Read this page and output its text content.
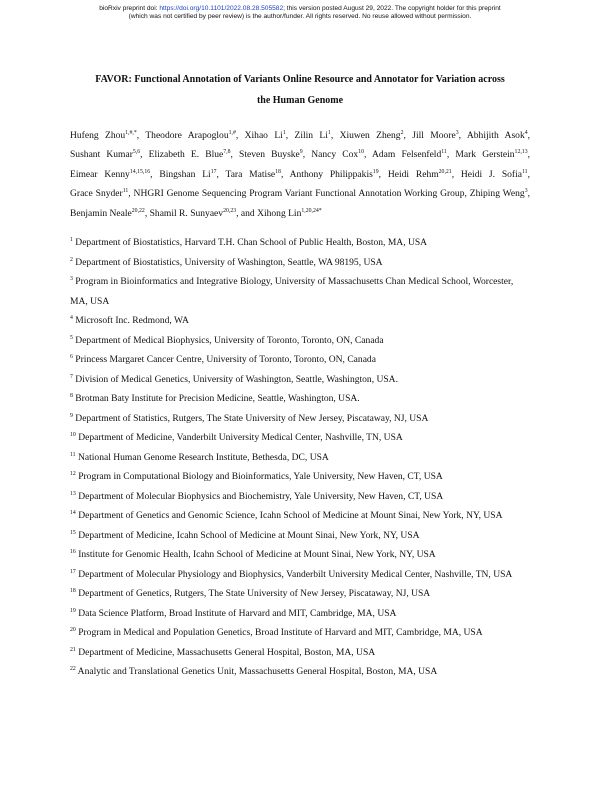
bioRxiv preprint doi: https://doi.org/10.1101/2022.08.28.505582; this version posted August 29, 2022. The copyright holder for this preprint
(which was not certified by peer review) is the author/funder. All rights reserved. No reuse allowed without permission.
FAVOR: Functional Annotation of Variants Online Resource and Annotator for Variation across
the Human Genome
Hufeng Zhou$^{1,\#,*}$, Theodore Arapoglou$^{1,\#}$, Xihao Li$^1$, Zilin Li$^1$, Xiuwen Zheng$^2$, Jill Moore$^3$, Abhijith Asok$^4$, Sushant Kumar$^{5,6}$, Elizabeth E. Blue$^{7,8}$, Steven Buyske$^9$, Nancy Cox$^{10}$, Adam Felsenfeld$^{11}$, Mark Gerstein$^{12,13}$, Eimear Kenny$^{14,15,16}$, Bingshan Li$^{17}$, Tara Matise$^{18}$, Anthony Philippakis$^{19}$, Heidi Rehm$^{20,21}$, Heidi J. Sofia$^{11}$, Grace Snyder$^{11}$, NHGRI Genome Sequencing Program Variant Functional Annotation Working Group, Zhiping Weng$^3$, Benjamin Neale$^{20,22}$, Shamil R. Sunyaev$^{20,23}$, and Xihong Lin$^{1,20,24*}$
$^1$ Department of Biostatistics, Harvard T.H. Chan School of Public Health, Boston, MA, USA
$^2$ Department of Biostatistics, University of Washington, Seattle, WA 98195, USA
$^3$ Program in Bioinformatics and Integrative Biology, University of Massachusetts Chan Medical School, Worcester, MA, USA
$^4$ Microsoft Inc. Redmond, WA
$^5$ Department of Medical Biophysics, University of Toronto, Toronto, ON, Canada
$^6$ Princess Margaret Cancer Centre, University of Toronto, Toronto, ON, Canada
$^7$ Division of Medical Genetics, University of Washington, Seattle, Washington, USA.
$^8$ Brotman Baty Institute for Precision Medicine, Seattle, Washington, USA.
$^9$ Department of Statistics, Rutgers, The State University of New Jersey, Piscataway, NJ, USA
$^{10}$ Department of Medicine, Vanderbilt University Medical Center, Nashville, TN, USA
$^{11}$ National Human Genome Research Institute, Bethesda, DC, USA
$^{12}$ Program in Computational Biology and Bioinformatics, Yale University, New Haven, CT, USA
$^{13}$ Department of Molecular Biophysics and Biochemistry, Yale University, New Haven, CT, USA
$^{14}$ Department of Genetics and Genomic Science, Icahn School of Medicine at Mount Sinai, New York, NY, USA
$^{15}$ Department of Medicine, Icahn School of Medicine at Mount Sinai, New York, NY, USA
$^{16}$ Institute for Genomic Health, Icahn School of Medicine at Mount Sinai, New York, NY, USA
$^{17}$ Department of Molecular Physiology and Biophysics, Vanderbilt University Medical Center, Nashville, TN, USA
$^{18}$ Department of Genetics, Rutgers, The State University of New Jersey, Piscataway, NJ, USA
$^{19}$ Data Science Platform, Broad Institute of Harvard and MIT, Cambridge, MA, USA
$^{20}$ Program in Medical and Population Genetics, Broad Institute of Harvard and MIT, Cambridge, MA, USA
$^{21}$ Department of Medicine, Massachusetts General Hospital, Boston, MA, USA
$^{22}$ Analytic and Translational Genetics Unit, Massachusetts General Hospital, Boston, MA, USA
